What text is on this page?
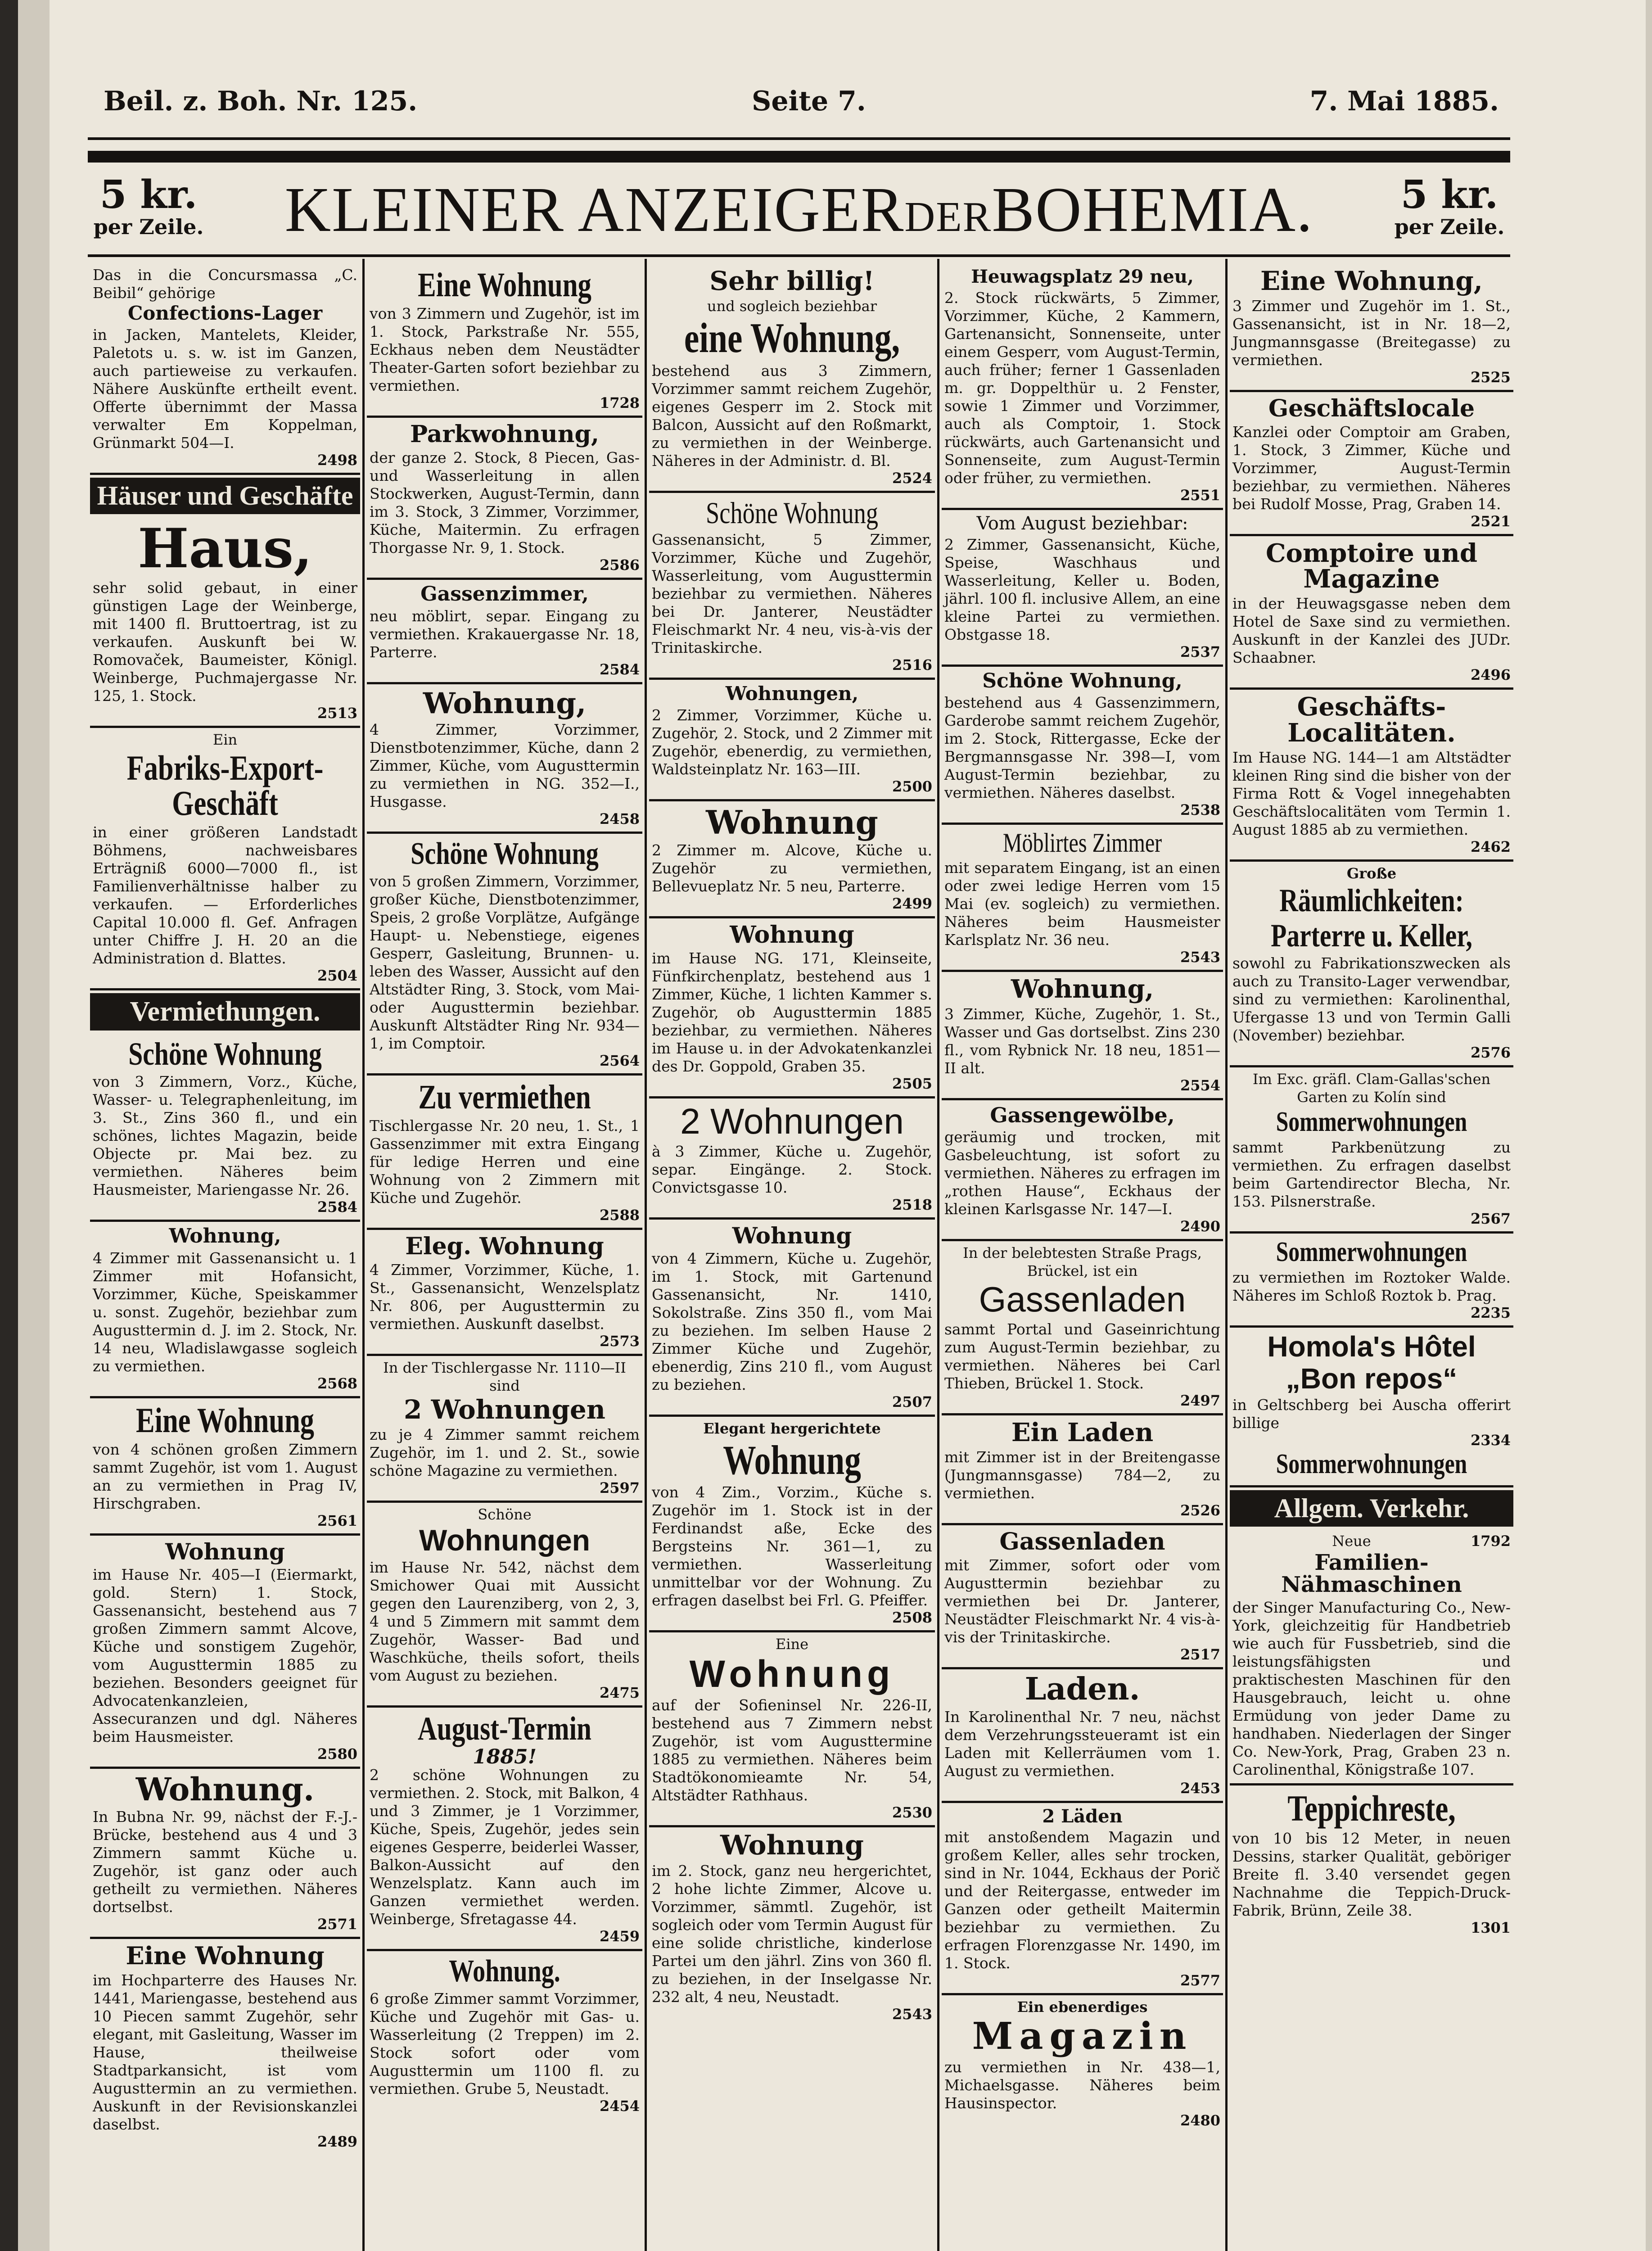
Beil. z. Boh. Nr. 125.	Seite 7.	7. Mai 1885.
5 kr.
per Zeile.	KLEINER ANZEIGERDERBOHEMIA.	5 kr.
per Zeile.
Das in die Concursmassa „C. Beibil“ gehörige
Confections-Lager
in Jacken, Mantelets, Kleider, Paletots u. s. w. ist im Ganzen, auch partieweise zu verkaufen. Nähere Auskünfte ertheilt event. Offerte übernimmt der Massa verwalter Em Koppelman, Grünmarkt 504—I.
2498
Häuser und Geschäfte
Haus,
sehr solid gebaut, in einer günstigen Lage der Weinberge, mit 1400 fl. Bruttoertrag, ist zu verkaufen. Auskunft bei W. Romovaček, Baumeister, Königl. Weinberge, Puchmajergasse Nr. 125, 1. Stock.
2513
Ein
Fabriks-Export-Geschäft
in einer größeren Landstadt Böhmens, nachweisbares Erträgniß 6000—7000 fl., ist Familienverhältnisse halber zu verkaufen. — Erforderliches Capital 10.000 fl. Gef. Anfragen unter Chiffre J. H. 20 an die Administration d. Blattes.
2504
Vermiethungen.
Schöne Wohnung
von 3 Zimmern, Vorz., Küche, Wasser- u. Telegraphenleitung, im 3. St., Zins 360 fl., und ein schönes, lichtes Magazin, beide Objecte pr. Mai bez. zu vermiethen. Näheres beim Hausmeister, Mariengasse Nr. 26.
2584
Wohnung,
4 Zimmer mit Gassenansicht u. 1 Zimmer mit Hofansicht, Vorzimmer, Küche, Speiskammer u. sonst. Zugehör, beziehbar zum Augusttermin d. J. im 2. Stock, Nr. 14 neu, Wladislawgasse sogleich zu vermiethen.
2568
Eine Wohnung
von 4 schönen großen Zimmern sammt Zugehör, ist vom 1. August an zu vermiethen in Prag IV, Hirschgraben.
2561
Wohnung
im Hause Nr. 405—I (Eiermarkt, gold. Stern) 1. Stock, Gassenansicht, bestehend aus 7 großen Zimmern sammt Alcove, Küche und sonstigem Zugehör, vom Augusttermin 1885 zu beziehen. Besonders geeignet für Advocatenkanzleien, Assecuranzen und dgl. Näheres beim Hausmeister.
2580
Wohnung.
In Bubna Nr. 99, nächst der F.-J.-Brücke, bestehend aus 4 und 3 Zimmern sammt Küche u. Zugehör, ist ganz oder auch getheilt zu vermiethen. Näheres dortselbst.
2571
Eine Wohnung
im Hochparterre des Hauses Nr. 1441, Mariengasse, bestehend aus 10 Piecen sammt Zugehör, sehr elegant, mit Gasleitung, Wasser im Hause, theilweise Stadtparkansicht, ist vom Augusttermin an zu vermiethen. Auskunft in der Revisionskanzlei daselbst.
2489
Eine Wohnung
von 3 Zimmern und Zugehör, ist im 1. Stock, Parkstraße Nr. 555, Eckhaus neben dem Neustädter Theater-Garten sofort beziehbar zu vermiethen.
1728
Parkwohnung,
der ganze 2. Stock, 8 Piecen, Gas- und Wasserleitung in allen Stockwerken, August-Termin, dann im 3. Stock, 3 Zimmer, Vorzimmer, Küche, Maitermin. Zu erfragen Thorgasse Nr. 9, 1. Stock.
2586
Gassenzimmer,
neu möblirt, separ. Eingang zu vermiethen. Krakauergasse Nr. 18, Parterre.
2584
Wohnung,
4 Zimmer, Vorzimmer, Dienstbotenzimmer, Küche, dann 2 Zimmer, Küche, vom Augusttermin zu vermiethen in NG. 352—I., Husgasse.
2458
Schöne Wohnung
von 5 großen Zimmern, Vorzimmer, großer Küche, Dienstbotenzimmer, Speis, 2 große Vorplätze, Aufgänge Haupt- u. Nebenstiege, eigenes Gesperr, Gasleitung, Brunnen- u. leben des Wasser, Aussicht auf den Altstädter Ring, 3. Stock, vom Mai- oder Augusttermin beziehbar. Auskunft Altstädter Ring Nr. 934—1, im Comptoir.
2564
Zu vermiethen
Tischlergasse Nr. 20 neu, 1. St., 1 Gassenzimmer mit extra Eingang für ledige Herren und eine Wohnung von 2 Zimmern mit Küche und Zugehör.
2588
Eleg. Wohnung
4 Zimmer, Vorzimmer, Küche, 1. St., Gassenansicht, Wenzelsplatz Nr. 806, per Augusttermin zu vermiethen. Auskunft daselbst.
2573
In der Tischlergasse Nr. 1110—II sind
2 Wohnungen
zu je 4 Zimmer sammt reichem Zugehör, im 1. und 2. St., sowie schöne Magazine zu vermiethen.
2597
Schöne
Wohnungen
im Hause Nr. 542, nächst dem Smichower Quai mit Aussicht gegen den Laurenziberg, von 2, 3, 4 und 5 Zimmern mit sammt dem Zugehör, Wasser- Bad und Waschküche, theils sofort, theils vom August zu beziehen.
2475
August-Termin
1885!
2 schöne Wohnungen zu vermiethen. 2. Stock, mit Balkon, 4 und 3 Zimmer, je 1 Vorzimmer, Küche, Speis, Zugehör, jedes sein eigenes Gesperre, beiderlei Wasser, Balkon-Aussicht auf den Wenzelsplatz. Kann auch im Ganzen vermiethet werden. Weinberge, Sfretagasse 44.
2459
Wohnung.
6 große Zimmer sammt Vorzimmer, Küche und Zugehör mit Gas- u. Wasserleitung (2 Treppen) im 2. Stock sofort oder vom Augusttermin um 1100 fl. zu vermiethen. Grube 5, Neustadt.
2454
Sehr billig!
und sogleich beziehbar
eine Wohnung,
bestehend aus 3 Zimmern, Vorzimmer sammt reichem Zugehör, eigenes Gesperr im 2. Stock mit Balcon, Aussicht auf den Roßmarkt, zu vermiethen in der Weinberge. Näheres in der Administr. d. Bl.
2524
Schöne Wohnung
Gassenansicht, 5 Zimmer, Vorzimmer, Küche und Zugehör, Wasserleitung, vom Augusttermin beziehbar zu vermiethen. Näheres bei Dr. Janterer, Neustädter Fleischmarkt Nr. 4 neu, vis-à-vis der Trinitaskirche.
2516
Wohnungen,
2 Zimmer, Vorzimmer, Küche u. Zugehör, 2. Stock, und 2 Zimmer mit Zugehör, ebenerdig, zu vermiethen, Waldsteinplatz Nr. 163—III.
2500
Wohnung
2 Zimmer m. Alcove, Küche u. Zugehör zu vermiethen, Bellevueplatz Nr. 5 neu, Parterre.
2499
Wohnung
im Hause NG. 171, Kleinseite, Fünfkirchenplatz, bestehend aus 1 Zimmer, Küche, 1 lichten Kammer s. Zugehör, ob Augusttermin 1885 beziehbar, zu vermiethen. Näheres im Hause u. in der Advokatenkanzlei des Dr. Goppold, Graben 35.
2505
2 Wohnungen
à 3 Zimmer, Küche u. Zugehör, separ. Eingänge. 2. Stock. Convictsgasse 10.
2518
Wohnung
von 4 Zimmern, Küche u. Zugehör, im 1. Stock, mit Gartenund Gassenansicht, Nr. 1410, Sokolstraße. Zins 350 fl., vom Mai zu beziehen. Im selben Hause 2 Zimmer Küche und Zugehör, ebenerdig, Zins 210 fl., vom August zu beziehen.
2507
Elegant hergerichtete
Wohnung
von 4 Zim., Vorzim., Küche s. Zugehör im 1. Stock ist in der Ferdinandst aße, Ecke des Bergsteins Nr. 361—1, zu vermiethen. Wasserleitung unmittelbar vor der Wohnung. Zu erfragen daselbst bei Frl. G. Pfeiffer.
2508
Eine
Wohnung
auf der Sofieninsel Nr. 226-II, bestehend aus 7 Zimmern nebst Zugehör, ist vom Augusttermine 1885 zu vermiethen. Näheres beim Stadtökonomieamte Nr. 54, Altstädter Rathhaus.
2530
Wohnung
im 2. Stock, ganz neu hergerichtet, 2 hohe lichte Zimmer, Alcove u. Vorzimmer, sämmtl. Zugehör, ist sogleich oder vom Termin August für eine solide christliche, kinderlose Partei um den jährl. Zins von 360 fl. zu beziehen, in der Inselgasse Nr. 232 alt, 4 neu, Neustadt.
2543
Heuwagsplatz 29 neu,
2. Stock rückwärts, 5 Zimmer, Vorzimmer, Küche, 2 Kammern, Gartenansicht, Sonnenseite, unter einem Gesperr, vom August-Termin, auch früher; ferner 1 Gassenladen m. gr. Doppelthür u. 2 Fenster, sowie 1 Zimmer und Vorzimmer, auch als Comptoir, 1. Stock rückwärts, auch Gartenansicht und Sonnenseite, zum August-Termin oder früher, zu vermiethen.
2551
Vom August beziehbar:
2 Zimmer, Gassenansicht, Küche, Speise, Waschhaus und Wasserleitung, Keller u. Boden, jährl. 100 fl. inclusive Allem, an eine kleine Partei zu vermiethen. Obstgasse 18.
2537
Schöne Wohnung,
bestehend aus 4 Gassenzimmern, Garderobe sammt reichem Zugehör, im 2. Stock, Rittergasse, Ecke der Bergmannsgasse Nr. 398—I, vom August-Termin beziehbar, zu vermiethen. Näheres daselbst.
2538
Möblirtes Zimmer
mit separatem Eingang, ist an einen oder zwei ledige Herren vom 15 Mai (ev. sogleich) zu vermiethen. Näheres beim Hausmeister Karlsplatz Nr. 36 neu.
2543
Wohnung,
3 Zimmer, Küche, Zugehör, 1. St., Wasser und Gas dortselbst. Zins 230 fl., vom Rybnick Nr. 18 neu, 1851—II alt.
2554
Gassengewölbe,
geräumig und trocken, mit Gasbeleuchtung, ist sofort zu vermiethen. Näheres zu erfragen im „rothen Hause“, Eckhaus der kleinen Karlsgasse Nr. 147—I.
2490
In der belebtesten Straße Prags, Brückel, ist ein
Gassenladen
sammt Portal und Gaseinrichtung zum August-Termin beziehbar, zu vermiethen. Näheres bei Carl Thieben, Brückel 1. Stock.
2497
Ein Laden
mit Zimmer ist in der Breitengasse (Jungmannsgasse) 784—2, zu vermiethen.
2526
Gassenladen
mit Zimmer, sofort oder vom Augusttermin beziehbar zu vermiethen bei Dr. Janterer, Neustädter Fleischmarkt Nr. 4 vis-à-vis der Trinitaskirche.
2517
Laden.
In Karolinenthal Nr. 7 neu, nächst dem Verzehrungssteueramt ist ein Laden mit Kellerräumen vom 1. August zu vermiethen.
2453
2 Läden
mit anstoßendem Magazin und großem Keller, alles sehr trocken, sind in Nr. 1044, Eckhaus der Porič und der Reitergasse, entweder im Ganzen oder getheilt Maitermin beziehbar zu vermiethen. Zu erfragen Florenzgasse Nr. 1490, im 1. Stock.
2577
Ein ebenerdiges
Magazin
zu vermiethen in Nr. 438—1, Michaelsgasse. Näheres beim Hausinspector.
2480
Eine Wohnung,
3 Zimmer und Zugehör im 1. St., Gassenansicht, ist in Nr. 18—2, Jungmannsgasse (Breitegasse) zu vermiethen.
2525
Geschäftslocale
Kanzlei oder Comptoir am Graben, 1. Stock, 3 Zimmer, Küche und Vorzimmer, August-Termin beziehbar, zu vermiethen. Näheres bei Rudolf Mosse, Prag, Graben 14.
2521
Comptoire und Magazine
in der Heuwagsgasse neben dem Hotel de Saxe sind zu vermiethen. Auskunft in der Kanzlei des JUDr. Schaabner.
2496
Geschäfts-Localitäten.
Im Hause NG. 144—1 am Altstädter kleinen Ring sind die bisher von der Firma Rott & Vogel innegehabten Geschäftslocalitäten vom Termin 1. August 1885 ab zu vermiethen.
2462
Große
Räumlichkeiten:
Parterre u. Keller,
sowohl zu Fabrikationszwecken als auch zu Transito-Lager verwendbar, sind zu vermiethen: Karolinenthal, Ufergasse 13 und von Termin Galli (November) beziehbar.
2576
Im Exc. gräfl. Clam-Gallas'schen Garten zu Kolín sind
Sommerwohnungen
sammt Parkbenützung zu vermiethen. Zu erfragen daselbst beim Gartendirector Blecha, Nr. 153. Pilsnerstraße.
2567
Sommerwohnungen
zu vermiethen im Roztoker Walde. Näheres im Schloß Roztok b. Prag.
2235
Homola's Hôtel
„Bon repos“
in Geltschberg bei Auscha offerirt billige
2334
Sommerwohnungen
Allgem. Verkehr.
Neue	1792
Familien-Nähmaschinen
der Singer Manufacturing Co., New-York, gleichzeitig für Handbetrieb wie auch für Fussbetrieb, sind die leistungsfähigsten und praktischesten Maschinen für den Hausgebrauch, leicht u. ohne Ermüdung von jeder Dame zu handhaben. Niederlagen der Singer Co. New-York, Prag, Graben 23 n. Carolinenthal, Königstraße 107.
Teppichreste,
von 10 bis 12 Meter, in neuen Dessins, starker Qualität, geböriger Breite fl. 3.40 versendet gegen Nachnahme die Teppich-Druck-Fabrik, Brünn, Zeile 38.
1301
